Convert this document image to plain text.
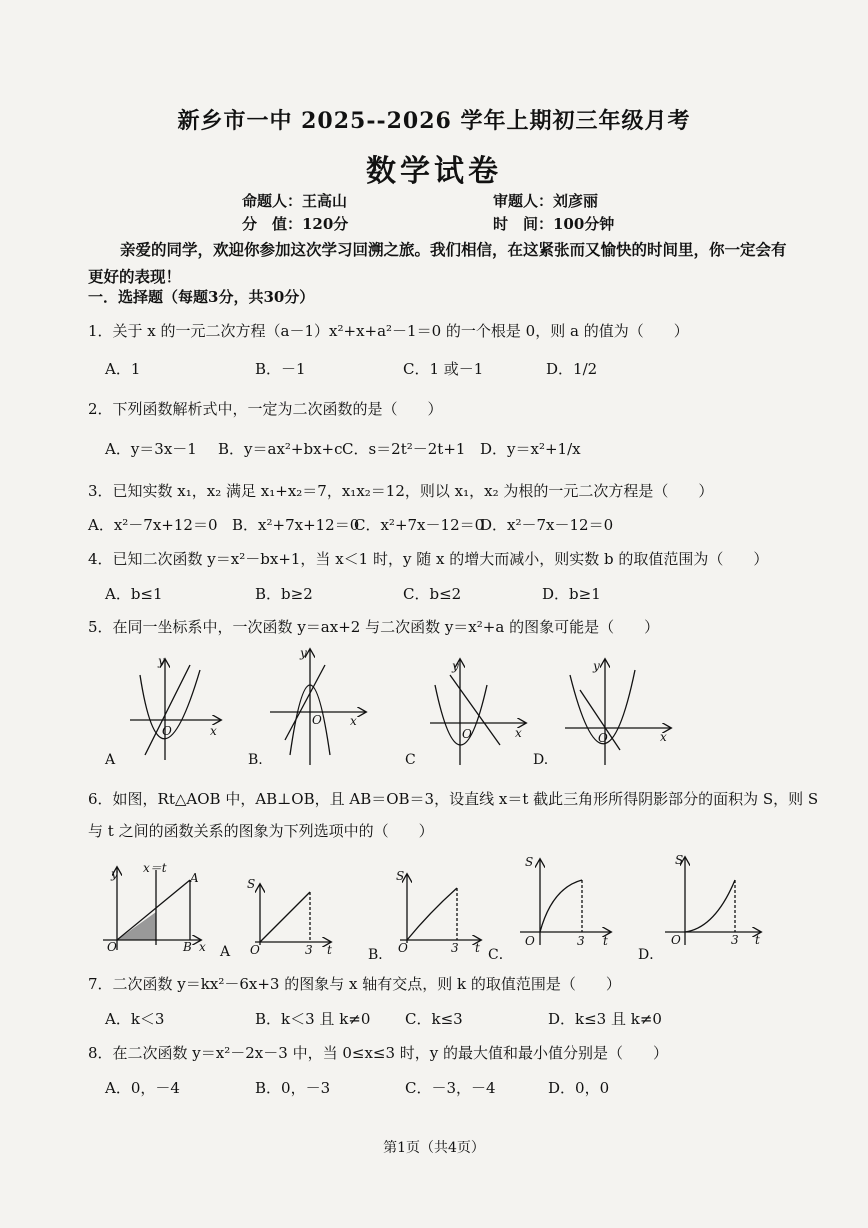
新乡市一中 2025--2026 学年上期初三年级月考
数学试卷
命题人：王高山	审题人：刘彦丽
分　值：120分	时　间：100分钟
亲爱的同学，欢迎你参加这次学习回溯之旅。我们相信，在这紧张而又愉快的时间里，你一定会有更好的表现！
一．选择题（每题3分，共30分）
1．关于 x 的一元二次方程（a－1）x²+x+a²－1＝0 的一个根是 0，则 a 的值为（　　）
A．1	B．－1	C．1 或－1	D．1/2
2．下列函数解析式中，一定为二次函数的是（　　）
A．y＝3x－1 B．y＝ax²+bx+c C．s＝2t²－2t+1 D．y＝x²+1/x
3．已知实数 x₁，x₂ 满足 x₁+x₂＝7，x₁x₂＝12，则以 x₁，x₂ 为根的一元二次方程是（　　）
A．x²－7x+12＝0 B．x²+7x+12＝0
C．x²+7x－12＝0
D．x²－7x－12＝0
4．已知二次函数 y＝x²－bx+1，当 x＜1 时，y 随 x 的增大而减小，则实数 b 的取值范围为（　　）
A．b≤1	B．b≥2	C．b≤2	D．b≥1
5．在同一坐标系中，一次函数 y＝ax+2 与二次函数 y＝x²+a 的图象可能是（　　）
y
x
O
y
x
O
y
x
O
y
x
O
A	B.	C	D.
6．如图，Rt△AOB 中，AB⊥OB，且 AB＝OB＝3，设直线 x＝t 截此三角形所得阴影部分的面积为 S，则 S
与 t 之间的函数关系的图象为下列选项中的（　　）
y x＝t
A
O	B x
S
O	3 t
S
O	3 t
S
O	3 t
S
O	3 t
A	B．	C．	D．
7．二次函数 y＝kx²－6x+3 的图象与 x 轴有交点，则 k 的取值范围是（　　）
A．k＜3	B．k＜3 且 k≠0 C．k≤3	D．k≤3 且 k≠0
8．在二次函数 y＝x²－2x－3 中，当 0≤x≤3 时，y 的最大值和最小值分别是（　　）
A．0，－4	B．0，－3	C．－3，－4	D．0，0
第1页（共4页）
